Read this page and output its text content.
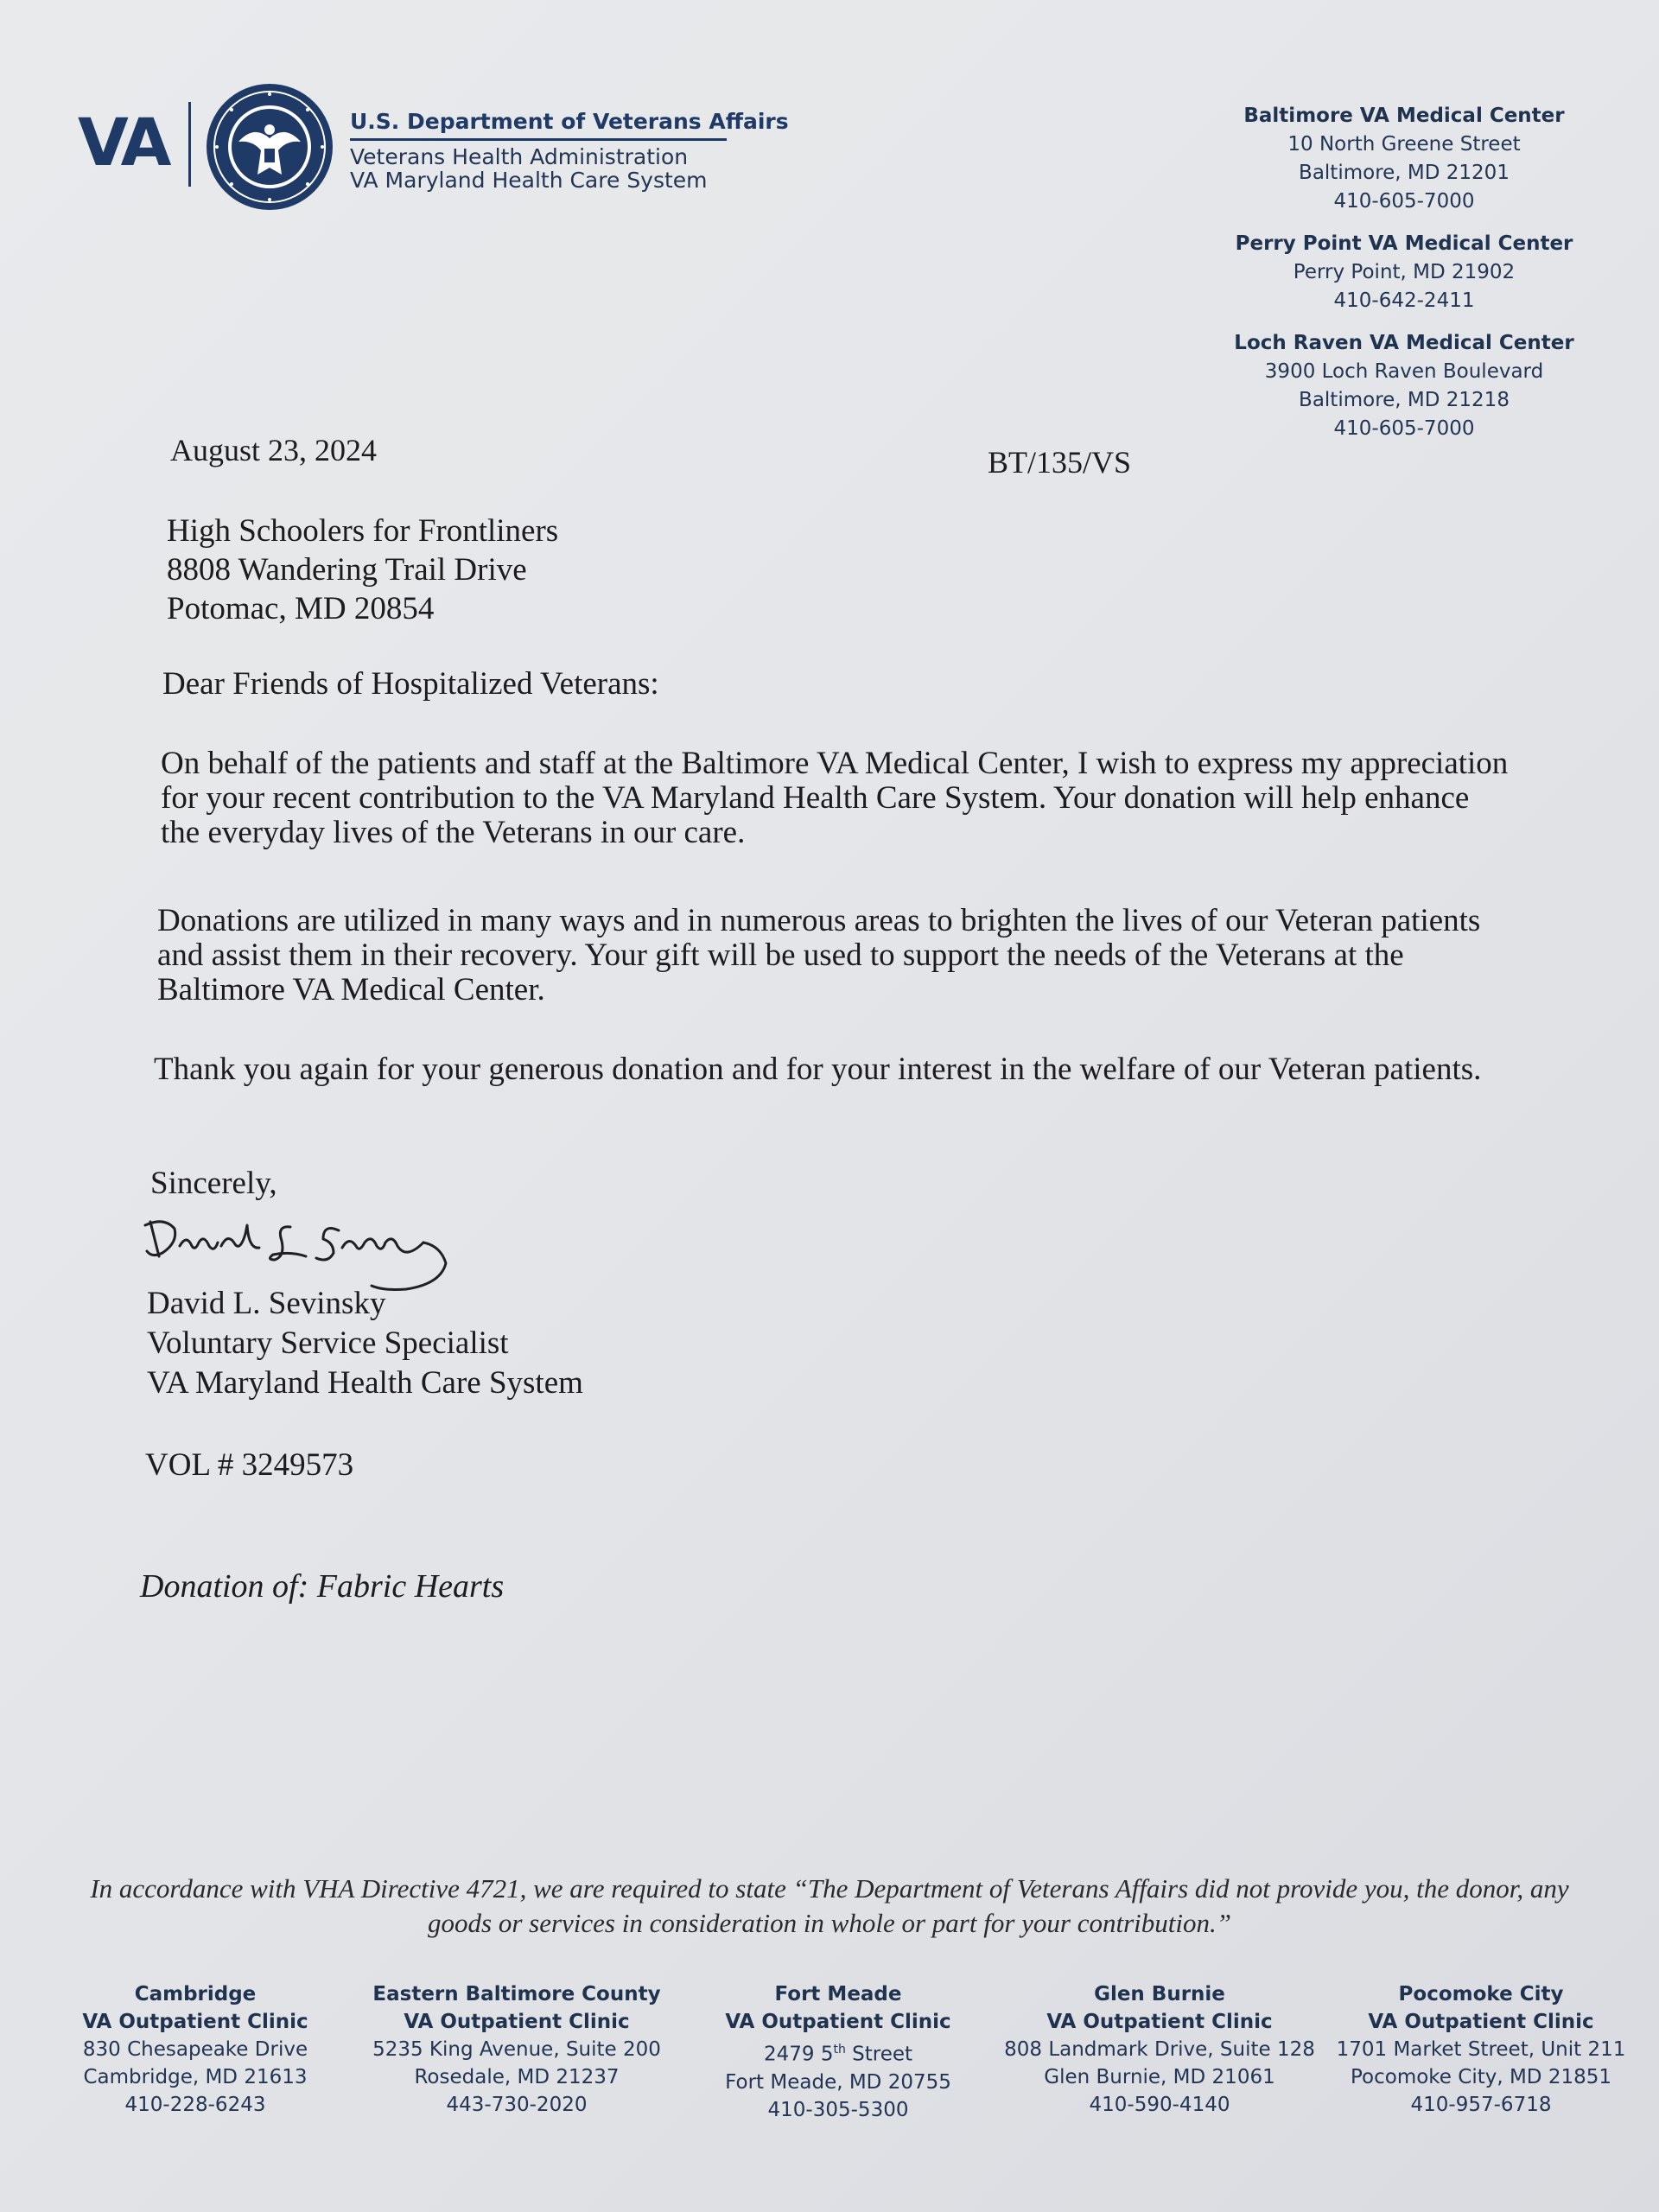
VA	U.S. Department of Veterans Affairs
Veterans Health Administration
VA Maryland Health Care System
Baltimore VA Medical Center
10 North Greene Street
Baltimore, MD 21201
410-605-7000
Perry Point VA Medical Center
Perry Point, MD 21902
410-642-2411
Loch Raven VA Medical Center
3900 Loch Raven Boulevard
Baltimore, MD 21218
410-605-7000
August 23, 2024	BT/135/VS
High Schoolers for Frontliners
8808 Wandering Trail Drive
Potomac, MD 20854
Dear Friends of Hospitalized Veterans:
On behalf of the patients and staff at the Baltimore VA Medical Center, I wish to express my appreciation for your recent contribution to the VA Maryland Health Care System. Your donation will help enhance the everyday lives of the Veterans in our care.
Donations are utilized in many ways and in numerous areas to brighten the lives of our Veteran patients and assist them in their recovery. Your gift will be used to support the needs of the Veterans at the Baltimore VA Medical Center.
Thank you again for your generous donation and for your interest in the welfare of our Veteran patients.
Sincerely,
David L. Sevinsky
Voluntary Service Specialist
VA Maryland Health Care System
VOL # 3249573
Donation of: Fabric Hearts
In accordance with VHA Directive 4721, we are required to state “The Department of Veterans Affairs did not provide you, the donor, any goods or services in consideration in whole or part for your contribution.”
Cambridge
VA Outpatient Clinic
830 Chesapeake Drive
Cambridge, MD 21613
410-228-6243
Eastern Baltimore County
VA Outpatient Clinic
5235 King Avenue, Suite 200
Rosedale, MD 21237
443-730-2020
Fort Meade
VA Outpatient Clinic
2479 5th Street
Fort Meade, MD 20755
410-305-5300
Glen Burnie
VA Outpatient Clinic
808 Landmark Drive, Suite 128
Glen Burnie, MD 21061
410-590-4140
Pocomoke City
VA Outpatient Clinic
1701 Market Street, Unit 211
Pocomoke City, MD 21851
410-957-6718
